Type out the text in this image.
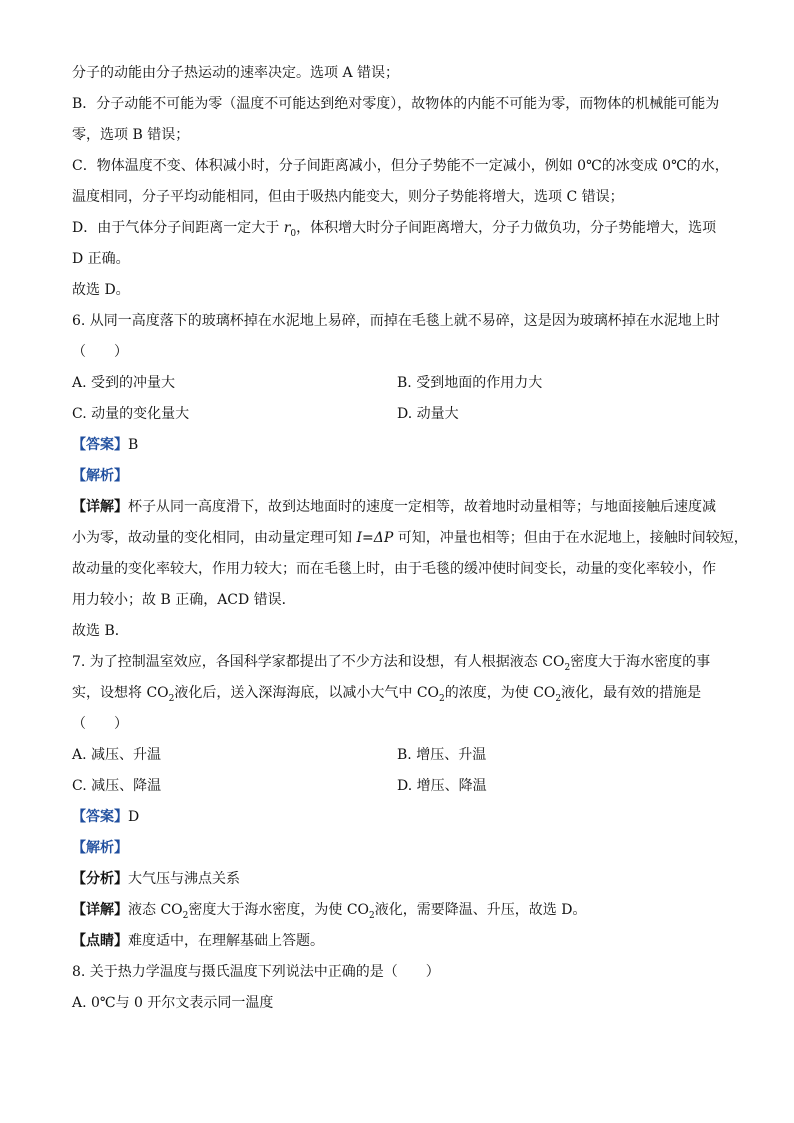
分子的动能由分子热运动的速率决定。选项 A 错误；
B．分子动能不可能为零（温度不可能达到绝对零度），故物体的内能不可能为零，而物体的机械能可能为
零，选项 B 错误；
C．物体温度不变、体积减小时，分子间距离减小，但分子势能不一定减小，例如 0℃的冰变成 0℃的水，
温度相同，分子平均动能相同，但由于吸热内能变大，则分子势能将增大，选项 C 错误；
D．由于气体分子间距离一定大于 $r_0$，体积增大时分子间距离增大，分子力做负功，分子势能增大，选项
D 正确。
故选 D。
6. 从同一高度落下的玻璃杯掉在水泥地上易碎，而掉在毛毯上就不易碎，这是因为玻璃杯掉在水泥地上时
（　　）
A. 受到的冲量大	B. 受到地面的作用力大
C. 动量的变化量大	D. 动量大
【答案】B
【解析】
【详解】杯子从同一高度滑下，故到达地面时的速度一定相等，故着地时动量相等；与地面接触后速度减
小为零，故动量的变化相同，由动量定理可知 I=ΔP 可知，冲量也相等；但由于在水泥地上，接触时间较短，
故动量的变化率较大，作用力较大；而在毛毯上时，由于毛毯的缓冲使时间变长，动量的变化率较小，作
用力较小；故 B 正确，ACD 错误．
故选 B．
7. 为了控制温室效应，各国科学家都提出了不少方法和设想，有人根据液态 $CO_2$密度大于海水密度的事
实，设想将 $CO_2$液化后，送入深海海底，以减小大气中 $CO_2$的浓度，为使 $CO_2$液化，最有效的措施是
（　　）
A. 减压、升温	B. 增压、升温
C. 减压、降温	D. 增压、降温
【答案】D
【解析】
【分析】大气压与沸点关系
【详解】液态 $CO_2$密度大于海水密度，为使 $CO_2$液化，需要降温、升压，故选 D。
【点睛】难度适中，在理解基础上答题。
8. 关于热力学温度与摄氏温度下列说法中正确的是（　　）
A. 0℃与 0 开尔文表示同一温度
